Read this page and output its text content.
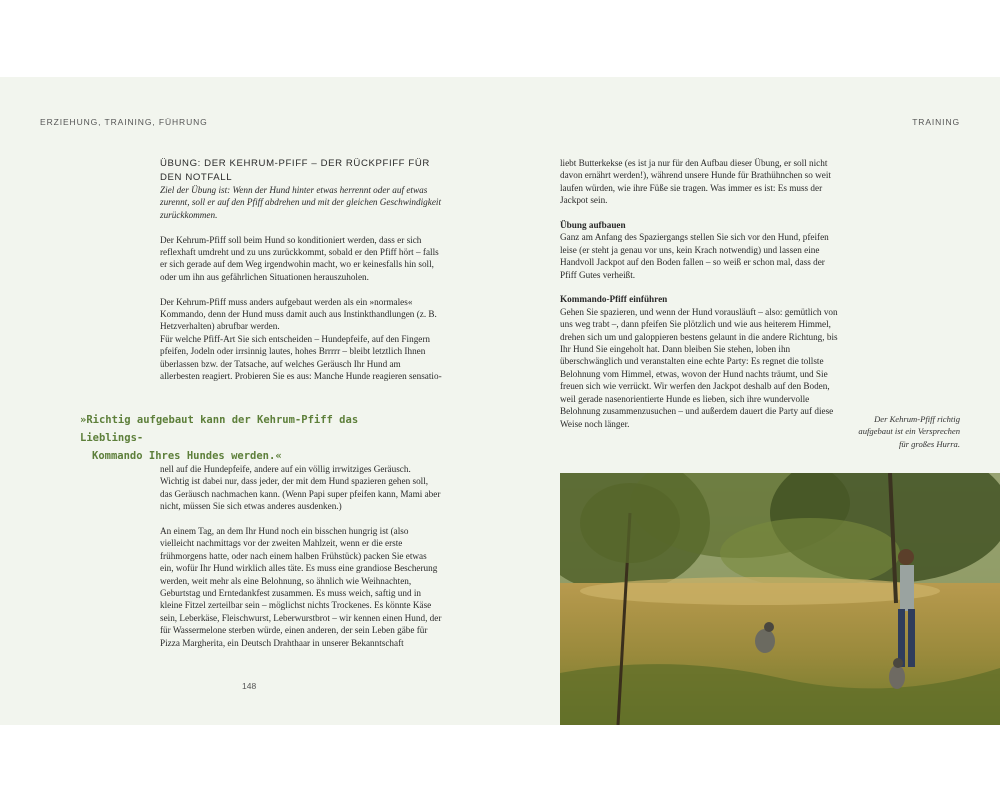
ERZIEHUNG, TRAINING, FÜHRUNG

ÜBUNG: DER KEHRUM-PFIFF – DER RÜCKPFIFF FÜR DEN NOTFALL

Ziel der Übung ist: Wenn der Hund hinter etwas herrennt oder auf etwas zurennt, soll er auf den Pfiff abdrehen und mit der gleichen Geschwindigkeit zurückkommen.

Der Kehrum-Pfiff soll beim Hund so konditioniert werden, dass er sich reflexhaft umdreht und zu uns zurückkommt, sobald er den Pfiff hört – falls er sich gerade auf dem Weg irgendwohin macht, wo er keinesfalls hin soll, oder um ihn aus gefährlichen Situationen herauszuholen.

Der Kehrum-Pfiff muss anders aufgebaut werden als ein »normales« Kommando, denn der Hund muss damit auch aus Instinkthandlungen (z. B. Hetzverhalten) abrufbar werden.

Für welche Pfiff-Art Sie sich entscheiden – Hundepfeife, auf den Fingern pfeifen, Jodeln oder irrsinnig lautes, hohes Brrrrr – bleibt letztlich Ihnen überlassen bzw. der Tatsache, auf welches Geräusch Ihr Hund am allerbesten reagiert. Probieren Sie es aus: Manche Hunde reagieren sensatio-

»Richtig aufgebaut kann der Kehrum-Pfiff das Lieblings-
Kommando Ihres Hundes werden.«

nell auf die Hundepfeife, andere auf ein völlig irrwitziges Geräusch. Wichtig ist dabei nur, dass jeder, der mit dem Hund spazieren gehen soll, das Geräusch nachmachen kann. (Wenn Papi super pfeifen kann, Mami aber nicht, müssen Sie sich etwas anderes ausdenken.)

An einem Tag, an dem Ihr Hund noch ein bisschen hungrig ist (also vielleicht nachmittags vor der zweiten Mahlzeit, wenn er die erste frühmorgens hatte, oder nach einem halben Frühstück) packen Sie etwas ein, wofür Ihr Hund wirklich alles täte. Es muss eine grandiose Bescherung werden, weit mehr als eine Belohnung, so ähnlich wie Weihnachten, Geburtstag und Erntedankfest zusammen. Es muss weich, saftig und in kleine Fitzel zerteilbar sein – möglichst nichts Trockenes. Es könnte Käse sein, Leberkäse, Fleischwurst, Leberwurstbrot – wir kennen einen Hund, der für Wassermelone sterben würde, einen anderen, der sein Leben gäbe für Pizza Margherita, ein Deutsch Drahthaar in unserer Bekanntschaft

148
TRAINING

liebt Butterkekse (es ist ja nur für den Aufbau dieser Übung, er soll nicht davon ernährt werden!), während unsere Hunde für Brathühnchen so weit laufen würden, wie ihre Füße sie tragen. Was immer es ist: Es muss der Jackpot sein.

Übung aufbauen

Ganz am Anfang des Spaziergangs stellen Sie sich vor den Hund, pfeifen leise (er steht ja genau vor uns, kein Krach notwendig) und lassen eine Handvoll Jackpot auf den Boden fallen – so weiß er schon mal, dass der Pfiff Gutes verheißt.

Kommando-Pfiff einführen

Gehen Sie spazieren, und wenn der Hund vorausläuft – also: gemütlich von uns weg trabt –, dann pfeifen Sie plötzlich und wie aus heiterem Himmel, drehen sich um und galoppieren bestens gelaunt in die andere Richtung, bis Ihr Hund Sie eingeholt hat. Dann bleiben Sie stehen, loben ihn überschwänglich und veranstalten eine echte Party: Es regnet die tollste Belohnung vom Himmel, etwas, wovon der Hund nachts träumt, und Sie freuen sich wie verrückt. Wir werfen den Jackpot deshalb auf den Boden, weil gerade nasenorientierte Hunde es lieben, sich ihre wundervolle Belohnung zusammenzusuchen – und außerdem dauert die Party auf diese Weise noch länger.	Der Kehrum-Pfiff richtig aufgebaut ist ein Versprechen für großes Hurra.
